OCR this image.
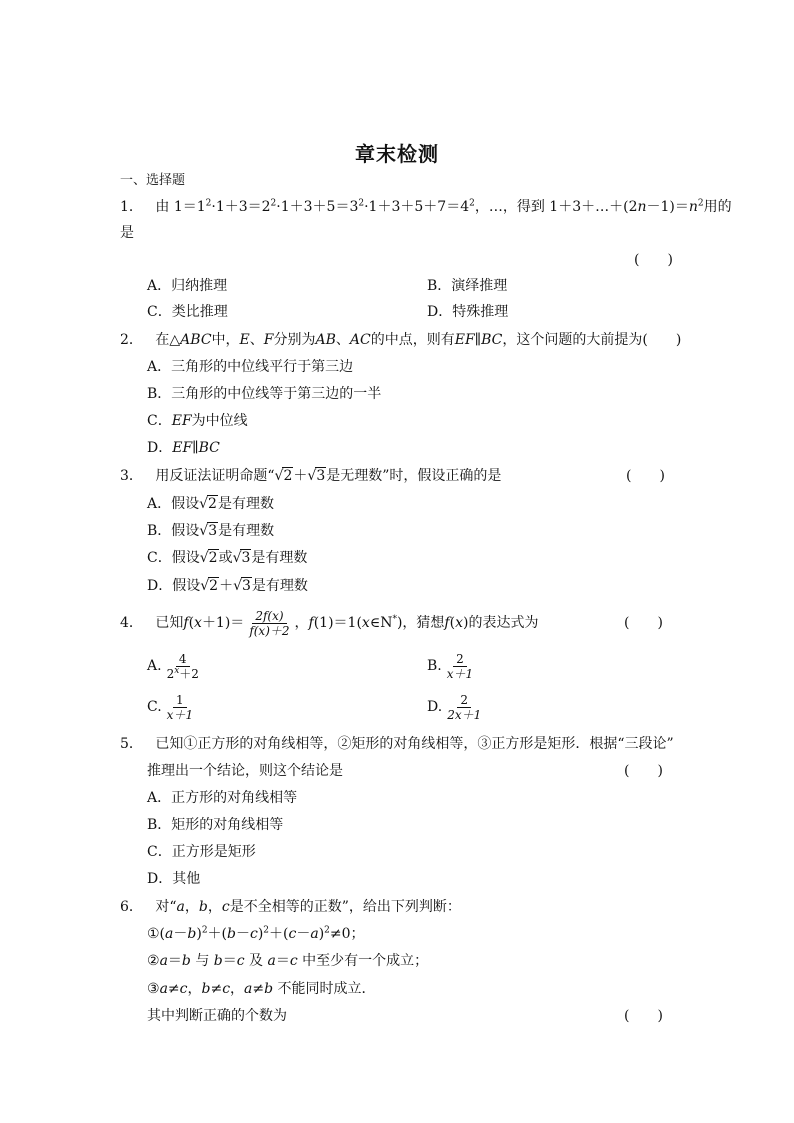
章末检测
一、选择题
1． 由 $1=1^2\cdot 1+3=2^2\cdot 1+3+5=3^2\cdot 1+3+5+7=4^2$，…，得到 $1+3+\dots+(2n-1)=n^2$用的
是
(　　)
A．归纳推理	B．演绎推理
C．类比推理	D．特殊推理
2． 在△ABC中，E、F分别为AB、AC的中点，则有EF∥BC，这个问题的大前提为(　　)
A．三角形的中位线平行于第三边
B．三角形的中位线等于第三边的一半
C．EF为中位线
D．EF∥BC
3． 用反证法证明命题“√2＋√3是无理数”时，假设正确的是	(　　)
A．假设√2是有理数
B．假设√3是有理数
C．假设√2或√3是有理数
D．假设√2＋√3是有理数
4． 已知$f(x+1)= \frac{2f(x)}{f(x)+2}$ ，f(1)＝1(x∈N*)，猜想f(x)的表达式为	(　　)
A. $\frac{4}{2^x+2}$	B. $\frac{2}{x+1}$
C. $\frac{1}{x+1}$	D. $\frac{2}{2x+1}$
5． 已知①正方形的对角线相等，②矩形的对角线相等，③正方形是矩形．根据“三段论”
推理出一个结论，则这个结论是	(　　)
A．正方形的对角线相等
B．矩形的对角线相等
C．正方形是矩形
D．其他
6． 对“a，b，c是不全相等的正数”，给出下列判断：
$①(a-b)^2+(b-c)^2+(c-a)^2\ne 0$；
②a＝b 与 b＝c 及 a＝c 中至少有一个成立；
③a≠c，b≠c，a≠b 不能同时成立．
其中判断正确的个数为	(　　)
